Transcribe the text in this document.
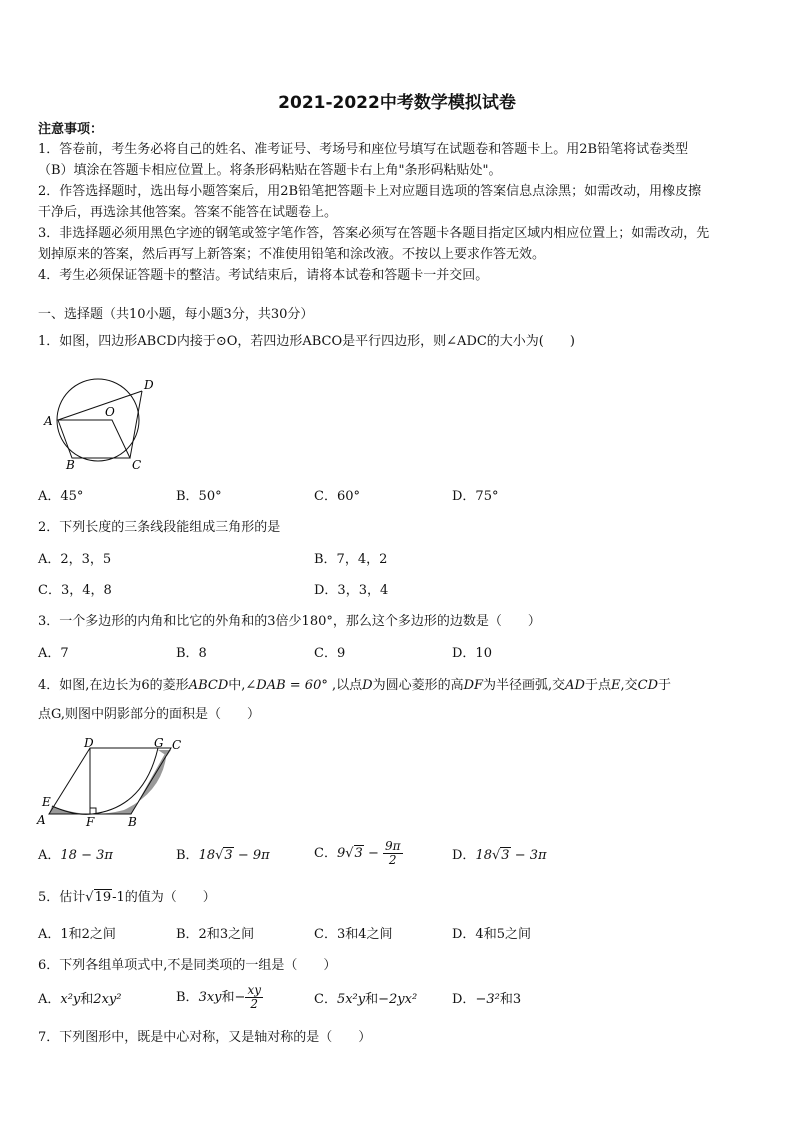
2021-2022中考数学模拟试卷
注意事项：
1．答卷前，考生务必将自己的姓名、准考证号、考场号和座位号填写在试题卷和答题卡上。用2B铅笔将试卷类型
（B）填涂在答题卡相应位置上。将条形码粘贴在答题卡右上角"条形码粘贴处"。
2．作答选择题时，选出每小题答案后，用2B铅笔把答题卡上对应题目选项的答案信息点涂黑；如需改动，用橡皮擦
干净后，再选涂其他答案。答案不能答在试题卷上。
3．非选择题必须用黑色字迹的钢笔或签字笔作答，答案必须写在答题卡各题目指定区域内相应位置上；如需改动，先
划掉原来的答案，然后再写上新答案；不准使用铅笔和涂改液。不按以上要求作答无效。
4．考生必须保证答题卡的整洁。考试结束后，请将本试卷和答题卡一并交回。
一、选择题（共10小题，每小题3分，共30分）
1．如图，四边形ABCD内接于⊙O，若四边形ABCO是平行四边形，则∠ADC的大小为(　　)
A
B	C
D
O
A．45°	B．50°	C．60°	D．75°
2．下列长度的三条线段能组成三角形的是
A．2，3，5	B．7，4，2
C．3，4，8	D．3，3，4
3．一个多边形的内角和比它的外角和的3倍少180°，那么这个多边形的边数是（　　）
A．7	B．8	C．9	D．10
4．如图,在边长为6的菱形ABCD中,∠DAB = 60° ,以点D为圆心菱形的高DF为半径画弧,交AD于点E,交CD于
点G,则图中阴影部分的面积是（　　）
A	B
C
D
E
F
G
A．18 − 3π	B．18√3 − 9π	C．$9√3 - \frac{9\pi}{2}$	D．18√3 − 3π
5．估计√19-1的值为（　　）
A．1和2之间	B．2和3之间	C．3和4之间	D．4和5之间
6．下列各组单项式中,不是同类项的一组是（　　）
A．x²y和2xy²	B．3xy和− $\frac{xy}{2}$	C．5x²y和−2yx²	D．−3²和3
7．下列图形中，既是中心对称，又是轴对称的是（　　）
